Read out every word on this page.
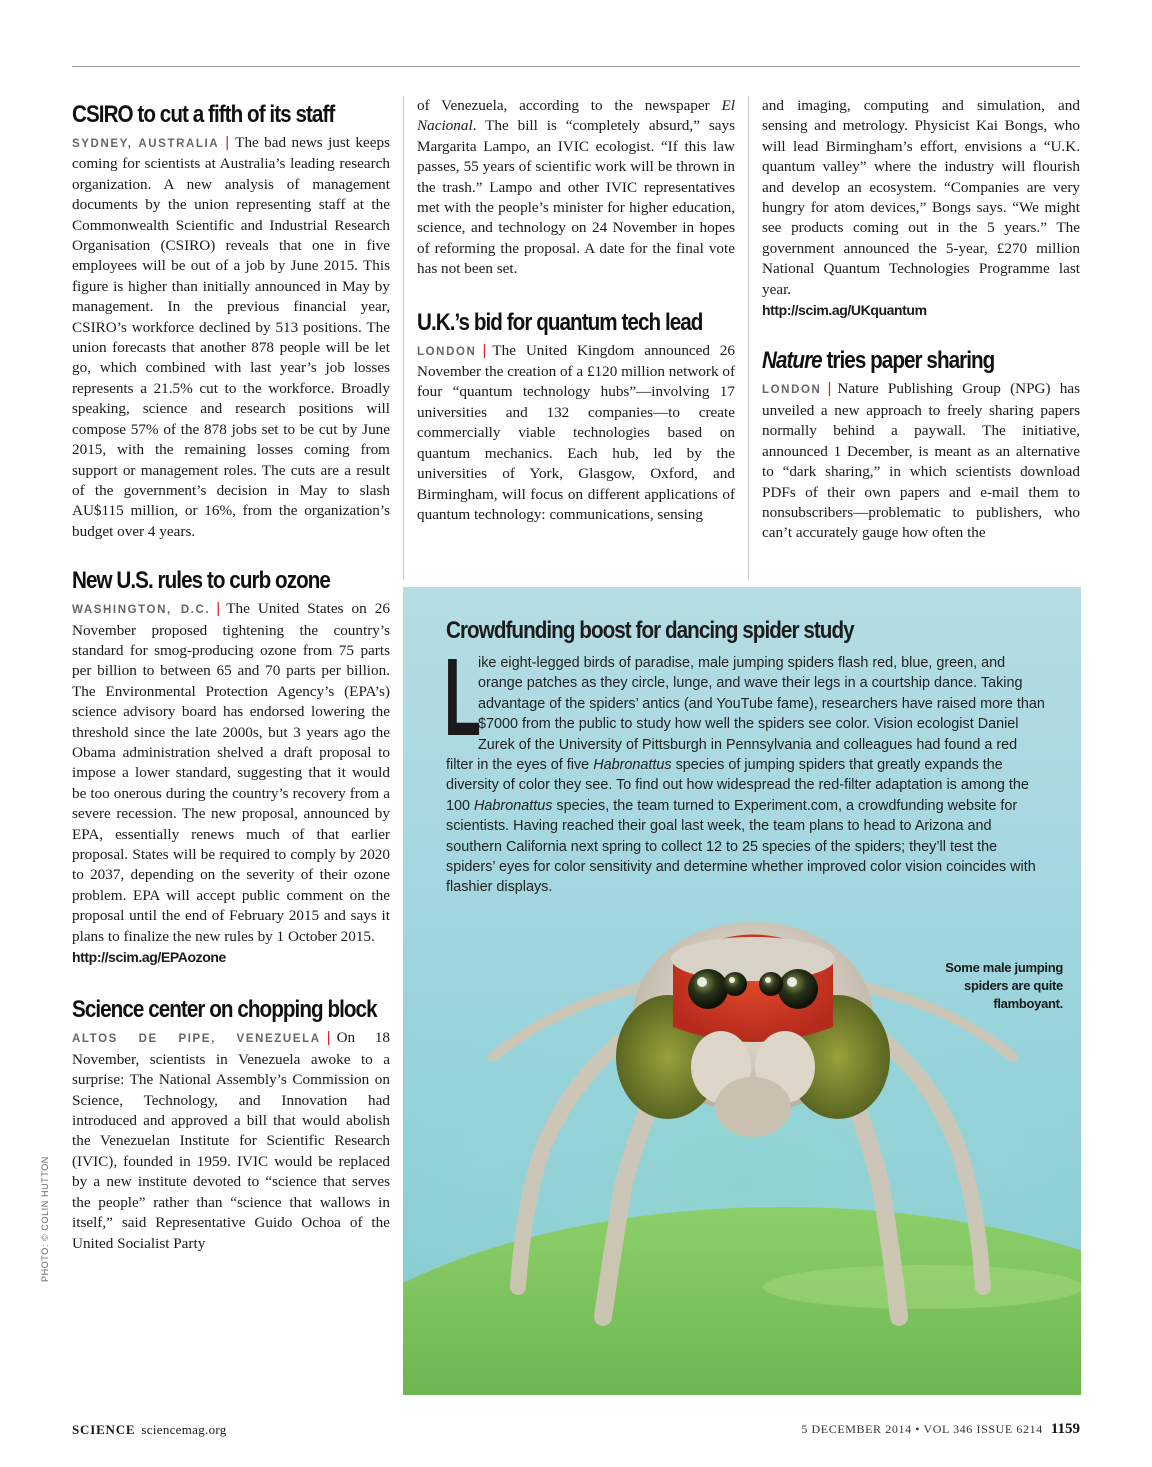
CSIRO to cut a fifth of its staff

SYDNEY, AUSTRALIA | The bad news just keeps coming for scientists at Australia’s leading research organization. A new analysis of management documents by the union representing staff at the Commonwealth Scientific and Industrial Research Organisation (CSIRO) reveals that one in five employees will be out of a job by June 2015. This figure is higher than initially announced in May by management. In the previous financial year, CSIRO’s workforce declined by 513 positions. The union forecasts that another 878 people will be let go, which combined with last year’s job losses represents a 21.5% cut to the workforce. Broadly speaking, science and research positions will compose 57% of the 878 jobs set to be cut by June 2015, with the remaining losses coming from support or management roles. The cuts are a result of the government’s decision in May to slash AU$115 million, or 16%, from the organization’s budget over 4 years.

New U.S. rules to curb ozone

WASHINGTON, D.C. | The United States on 26 November proposed tightening the country’s standard for smog-producing ozone from 75 parts per billion to between 65 and 70 parts per billion. The Environmental Protection Agency’s (EPA’s) science advisory board has endorsed lowering the threshold since the late 2000s, but 3 years ago the Obama administration shelved a draft proposal to impose a lower standard, suggesting that it would be too onerous during the country’s recovery from a severe recession. The new proposal, announced by EPA, essentially renews much of that earlier proposal. States will be required to comply by 2020 to 2037, depending on the severity of their ozone problem. EPA will accept public comment on the proposal until the end of February 2015 and says it plans to finalize the new rules by 1 October 2015.

http://scim.ag/EPAozone
Science center on chopping block

ALTOS DE PIPE, VENEZUELA | On 18 November, scientists in Venezuela awoke to a surprise: The National Assembly’s Commission on Science, Technology, and Innovation had introduced and approved a bill that would abolish the Venezuelan Institute for Scientific Research (IVIC), founded in 1959. IVIC would be replaced by a new institute devoted to “science that serves the people” rather than “science that wallows in itself,” said Representative Guido Ochoa of the United Socialist Party

of Venezuela, according to the newspaper El Nacional. The bill is “completely absurd,” says Margarita Lampo, an IVIC ecologist. “If this law passes, 55 years of scientific work will be thrown in the trash.” Lampo and other IVIC representatives met with the people’s minister for higher education, science, and technology on 24 November in hopes of reforming the proposal. A date for the final vote has not been set.

U.K.’s bid for quantum tech lead

LONDON | The United Kingdom announced 26 November the creation of a £120 million network of four “quantum technology hubs”—involving 17 universities and 132 companies—to create commercially viable technologies based on quantum mechanics. Each hub, led by the universities of York, Glasgow, Oxford, and Birmingham, will focus on different applications of quantum technology: communications, sensing

and imaging, computing and simulation, and sensing and metrology. Physicist Kai Bongs, who will lead Birmingham’s effort, envisions a “U.K. quantum valley” where the industry will flourish and develop an ecosystem. “Companies are very hungry for atom devices,” Bongs says. “We might see products coming out in the 5 years.” The government announced the 5-year, £270 million National Quantum Technologies Programme last year.

http://scim.ag/UKquantum
Nature tries paper sharing

LONDON | Nature Publishing Group (NPG) has unveiled a new approach to freely sharing papers normally behind a paywall. The initiative, announced 1 December, is meant as an alternative to “dark sharing,” in which scientists download PDFs of their own papers and e-mail them to nonsubscribers—problematic to publishers, who can’t accurately gauge how often the

Crowdfunding boost for dancing spider study
L
ike eight-legged birds of paradise, male jumping spiders flash red, blue, green, and orange patches as they circle, lunge, and wave their legs in a courtship dance. Taking advantage of the spiders’ antics (and YouTube fame), researchers have raised more than $7000 from the public to study how well the spiders see color. Vision ecologist Daniel Zurek of the University of Pittsburgh in Pennsylvania and colleagues had found a red filter in the eyes of five Habronattus species of jumping spiders that greatly expands the diversity of color they see. To find out how widespread the red-filter adaptation is among the 100 Habronattus species, the team turned to Experiment.com, a crowdfunding website for scientists. Having reached their goal last week, the team plans to head to Arizona and southern California next spring to collect 12 to 25 species of the spiders; they’ll test the spiders’ eyes for color sensitivity and determine whether improved color vision coincides with flashier displays.
Some male jumping spiders are quite flamboyant.
PHOTO: © COLIN HUTTON
SCIENCE sciencemag.org	5 DECEMBER 2014 • VOL 346 ISSUE 6214 1159
